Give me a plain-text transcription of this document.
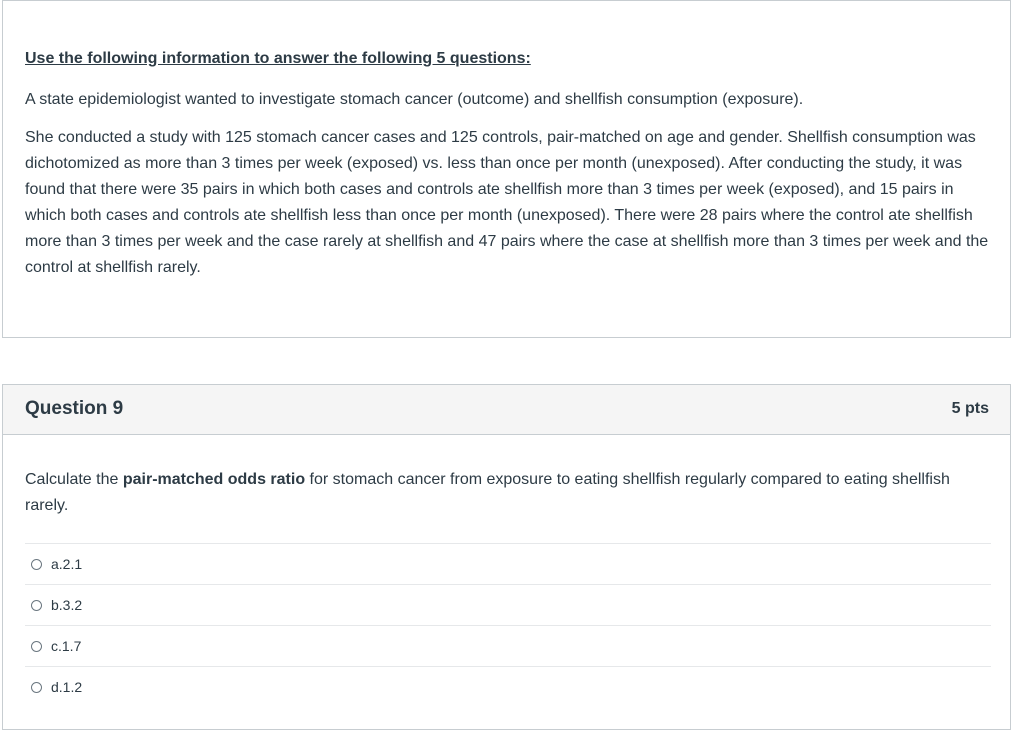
Use the following information to answer the following 5 questions:

A state epidemiologist wanted to investigate stomach cancer (outcome) and shellfish consumption (exposure).

She conducted a study with 125 stomach cancer cases and 125 controls, pair-matched on age and gender. Shellfish consumption was dichotomized as more than 3 times per week (exposed) vs. less than once per month (unexposed). After conducting the study, it was found that there were 35 pairs in which both cases and controls ate shellfish more than 3 times per week (exposed), and 15 pairs in which both cases and controls ate shellfish less than once per month (unexposed). There were 28 pairs where the control ate shellfish more than 3 times per week and the case rarely at shellfish and 47 pairs where the case at shellfish more than 3 times per week and the control at shellfish rarely.

Question 9	5 pts
Calculate the pair-matched odds ratio for stomach cancer from exposure to eating shellfish regularly compared to eating shellfish rarely.
a.2.1
b.3.2
c.1.7
d.1.2
